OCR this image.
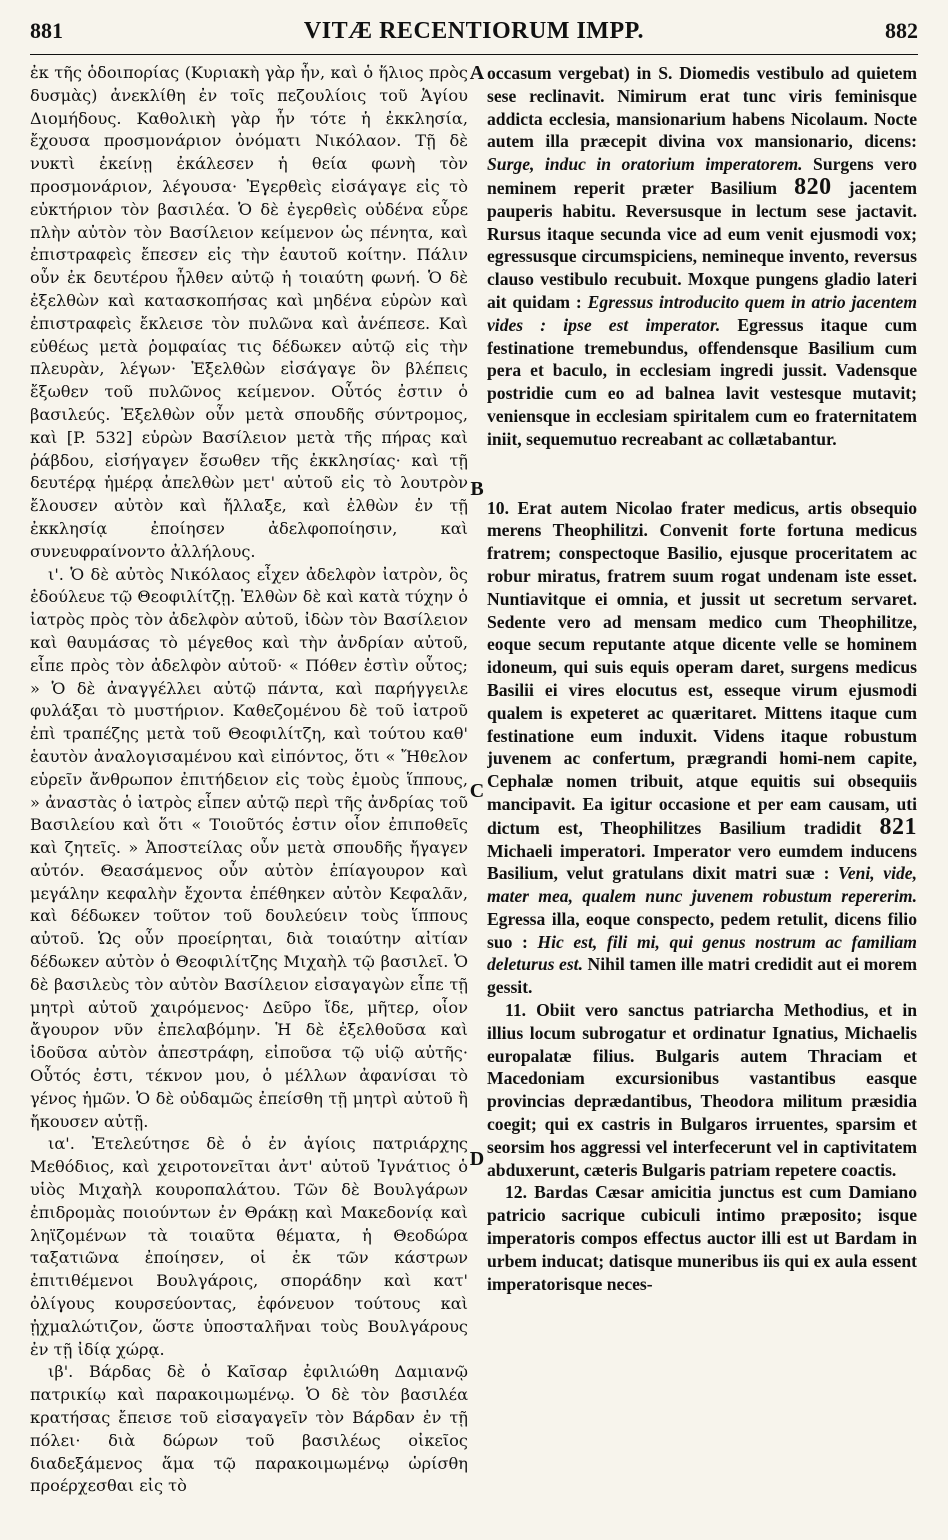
881	VITÆ RECENTIORUM IMPP.	882

ἐκ τῆς ὁδοιπορίας (Κυριακὴ γὰρ ἦν, καὶ ὁ ἥλιος πρὸς δυσμὰς) ἀνεκλίθη ἐν τοῖς πεζουλίοις τοῦ Ἁγίου Διομήδους. Καθολικὴ γὰρ ἦν τότε ἡ ἐκκλησία, ἔχουσα προσμονάριον ὀνόματι Νικόλαον. Τῇ δὲ νυκτὶ ἐκείνῃ ἐκάλεσεν ἡ θεία φωνὴ τὸν προσμονάριον, λέγουσα· Ἐγερθεὶς εἰσάγαγε εἰς τὸ εὐκτήριον τὸν βασιλέα. Ὁ δὲ ἐγερθεὶς οὐδένα εὗρε πλὴν αὐτὸν τὸν Βασίλειον κείμενον ὡς πένητα, καὶ ἐπιστραφεὶς ἔπεσεν εἰς τὴν ἑαυτοῦ κοίτην. Πάλιν οὖν ἐκ δευτέρου ἦλθεν αὐτῷ ἡ τοιαύτη φωνή. Ὁ δὲ ἐξελθὼν καὶ κατασκοπήσας καὶ μηδένα εὑρὼν καὶ ἐπιστραφεὶς ἔκλεισε τὸν πυλῶνα καὶ ἀνέπεσε. Καὶ εὐθέως μετὰ ῥομφαίας τις δέδωκεν αὐτῷ εἰς τὴν πλευρὰν, λέγων· Ἐξελθὼν εἰσάγαγε ὃν βλέπεις ἔξωθεν τοῦ πυλῶνος κείμενον. Οὗτός ἐστιν ὁ βασιλεύς. Ἐξελθὼν οὖν μετὰ σπουδῆς σύντρομος, καὶ [P. 532] εὑρὼν Βασίλειον μετὰ τῆς πήρας καὶ ῥάβδου, εἰσήγαγεν ἔσωθεν τῆς ἐκκλησίας· καὶ τῇ δευτέρᾳ ἡμέρᾳ ἀπελθὼν μετ' αὐτοῦ εἰς τὸ λουτρὸν ἔλουσεν αὐτὸν καὶ ἤλλαξε, καὶ ἐλθὼν ἐν τῇ ἐκκλησίᾳ ἐποίησεν ἀδελφοποίησιν, καὶ συνευφραίνοντο ἀλλήλους.

ι'. Ὁ δὲ αὐτὸς Νικόλαος εἶχεν ἀδελφὸν ἰατρὸν, ὃς ἐδούλευε τῷ Θεοφιλίτζῃ. Ἐλθὼν δὲ καὶ κατὰ τύχην ὁ ἰατρὸς πρὸς τὸν ἀδελφὸν αὐτοῦ, ἰδὼν τὸν Βασίλειον καὶ θαυμάσας τὸ μέγεθος καὶ τὴν ἀνδρίαν αὐτοῦ, εἶπε πρὸς τὸν ἀδελφὸν αὐτοῦ· « Πόθεν ἐστὶν οὗτος; » Ὁ δὲ ἀναγγέλλει αὐτῷ πάντα, καὶ παρήγγειλε φυλάξαι τὸ μυστήριον. Καθεζομένου δὲ τοῦ ἰατροῦ ἐπὶ τραπέζης μετὰ τοῦ Θεοφιλίτζη, καὶ τούτου καθ' ἑαυτὸν ἀναλογισαμένου καὶ εἰπόντος, ὅτι « Ἤθελον εὑρεῖν ἄνθρωπον ἐπιτήδειον εἰς τοὺς ἐμοὺς ἵππους, » ἀναστὰς ὁ ἰατρὸς εἶπεν αὐτῷ περὶ τῆς ἀνδρίας τοῦ Βασιλείου καὶ ὅτι « Τοιοῦτός ἐστιν οἷον ἐπιποθεῖς καὶ ζητεῖς. » Ἀποστείλας οὖν μετὰ σπουδῆς ἤγαγεν αὐτόν. Θεασάμενος οὖν αὐτὸν ἐπίαγουρον καὶ μεγάλην κεφαλὴν ἔχοντα ἐπέθηκεν αὐτὸν Κεφαλᾶν, καὶ δέδωκεν τοῦτον τοῦ δουλεύειν τοὺς ἵππους αὐτοῦ. Ὡς οὖν προείρηται, διὰ τοιαύτην αἰτίαν δέδωκεν αὐτὸν ὁ Θεοφιλίτζης Μιχαὴλ τῷ βασιλεῖ. Ὁ δὲ βασιλεὺς τὸν αὐτὸν Βασίλειον εἰσαγαγὼν εἶπε τῇ μητρὶ αὐτοῦ χαιρόμενος· Δεῦρο ἴδε, μῆτερ, οἷον ἄγουρον νῦν ἐπελαβόμην. Ἡ δὲ ἐξελθοῦσα καὶ ἰδοῦσα αὐτὸν ἀπεστράφη, εἰποῦσα τῷ υἱῷ αὐτῆς· Οὗτός ἐστι, τέκνον μου, ὁ μέλλων ἀφανίσαι τὸ γένος ἡμῶν. Ὁ δὲ οὐδαμῶς ἐπείσθη τῇ μητρὶ αὐτοῦ ἢ ἤκουσεν αὐτῇ.

ια'. Ἐτελεύτησε δὲ ὁ ἐν ἁγίοις πατριάρχης Μεθόδιος, καὶ χειροτονεῖται ἀντ' αὐτοῦ Ἰγνάτιος ὁ υἱὸς Μιχαὴλ κουροπαλάτου. Τῶν δὲ Βουλγάρων ἐπιδρομὰς ποιούντων ἐν Θράκῃ καὶ Μακεδονίᾳ καὶ ληϊζομένων τὰ τοιαῦτα θέματα, ἡ Θεοδώρα ταξατιῶνα ἐποίησεν, οἱ ἐκ τῶν κάστρων ἐπιτιθέμενοι Βουλγάροις, σποράδην καὶ κατ' ὀλίγους κουρσεύοντας, ἐφόνευον τούτους καὶ ᾐχμαλώτιζον, ὥστε ὑποσταλῆναι τοὺς Βουλγάρους ἐν τῇ ἰδίᾳ χώρᾳ.

ιβ'. Βάρδας δὲ ὁ Καῖσαρ ἐφιλιώθη Δαμιανῷ πατρικίῳ καὶ παρακοιμωμένῳ. Ὁ δὲ τὸν βασιλέα κρατήσας ἔπεισε τοῦ εἰσαγαγεῖν τὸν Βάρδαν ἐν τῇ πόλει· διὰ δώρων τοῦ βασιλέως οἰκεῖος διαδεξάμενος ἅμα τῷ παρακοιμωμένῳ ὡρίσθη προέρχεσθαι εἰς τὸ

A
B
C
D

occasum vergebat) in S. Diomedis vestibulo ad quietem sese reclinavit. Nimirum erat tunc viris feminisque addicta ecclesia, mansionarium habens Nicolaum. Nocte autem illa præcepit divina vox mansionario, dicens: Surge, induc in oratorium imperatorem. Surgens vero neminem reperit præter Basilium 820 jacentem pauperis habitu. Reversusque in lectum sese jactavit. Rursus itaque secunda vice ad eum venit ejusmodi vox; egressusque circumspiciens, nemineque invento, reversus clauso vestibulo recubuit. Moxque pungens gladio lateri ait quidam : Egressus introducito quem in atrio jacentem vides : ipse est imperator. Egressus itaque cum festinatione tremebundus, offendensque Basilium cum pera et baculo, in ecclesiam ingredi jussit. Vadensque postridie cum eo ad balnea lavit vestesque mutavit; veniensque in ecclesiam spiritalem cum eo fraternitatem iniit, sequemutuo recreabant ac collætabantur.

10. Erat autem Nicolao frater medicus, artis obsequio merens Theophilitzi. Convenit forte fortuna medicus fratrem; conspectoque Basilio, ejusque proceritatem ac robur miratus, fratrem suum rogat undenam iste esset. Nuntiavitque ei omnia, et jussit ut secretum servaret. Sedente vero ad mensam medico cum Theophilitze, eoque secum reputante atque dicente velle se hominem idoneum, qui suis equis operam daret, surgens medicus Basilii ei vires elocutus est, esseque virum ejusmodi qualem is expeteret ac quæritaret. Mittens itaque cum festinatione eum induxit. Videns itaque robustum juvenem ac confertum, prægrandi homi-nem capite, Cephalæ nomen tribuit, atque equitis sui obsequiis mancipavit. Ea igitur occasione et per eam causam, uti dictum est, Theophilitzes Basilium tradidit 821 Michaeli imperatori. Imperator vero eumdem inducens Basilium, velut gratulans dixit matri suæ : Veni, vide, mater mea, qualem nunc juvenem robustum repererim. Egressa illa, eoque conspecto, pedem retulit, dicens filio suo : Hic est, fili mi, qui genus nostrum ac familiam deleturus est. Nihil tamen ille matri credidit aut ei morem gessit.

11. Obiit vero sanctus patriarcha Methodius, et in illius locum subrogatur et ordinatur Ignatius, Michaelis europalatæ filius. Bulgaris autem Thraciam et Macedoniam excursionibus vastantibus easque provincias deprædantibus, Theodora militum præsidia coegit; qui ex castris in Bulgaros irruentes, sparsim et seorsim hos aggressi vel interfecerunt vel in captivitatem abduxerunt, cæteris Bulgaris patriam repetere coactis.

12. Bardas Cæsar amicitia junctus est cum Damiano patricio sacrique cubiculi intimo præposito; isque imperatoris compos effectus auctor illi est ut Bardam in urbem inducat; datisque muneribus iis qui ex aula essent imperatorisque neces-
